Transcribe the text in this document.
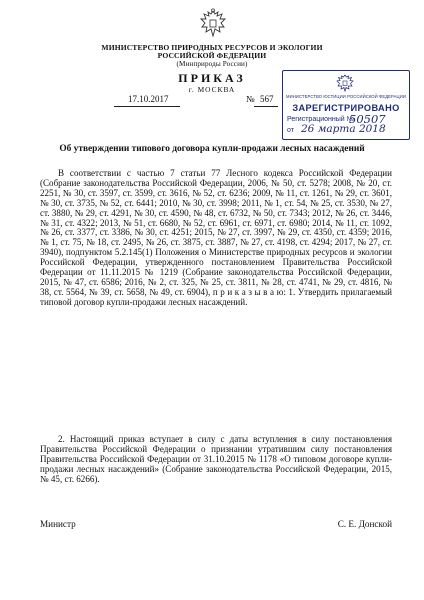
МИНИСТЕРСТВО ПРИРОДНЫХ РЕСУРСОВ И ЭКОЛОГИИ
РОССИЙСКОЙ ФЕДЕРАЦИИ
(Минприроды России)
ПРИКАЗ
г. МОСКВА
17.10.2017	№ 567	МИНИСТЕРСТВО ЮСТИЦИИ РОССИЙСКОЙ ФЕДЕРАЦИИ
ЗАРЕГИСТРИРОВАНО
Регистрационный №
50507
от 26 марта 2018
Об утверждении типового договора купли-продажи лесных насаждений

В соответствии с частью 7 статьи 77 Лесного кодекса Российской Федерации (Собрание законодательства Российской Федерации, 2006, № 50, ст. 5278; 2008, № 20, ст. 2251, № 30, ст. 3597, ст. 3599, ст. 3616, № 52, ст. 6236; 2009, № 11, ст. 1261, № 29, ст. 3601, № 30, ст. 3735, № 52, ст. 6441; 2010, № 30, ст. 3998; 2011, № 1, ст. 54, № 25, ст. 3530, № 27, ст. 3880, № 29, ст. 4291, № 30, ст. 4590, № 48, ст. 6732, № 50, ст. 7343; 2012, № 26, ст. 3446, № 31, ст. 4322; 2013, № 51, ст. 6680, № 52, ст. 6961, ст. 6971, ст. 6980; 2014, № 11, ст. 1092, № 26, ст. 3377, ст. 3386, № 30, ст. 4251; 2015, № 27, ст. 3997, № 29, ст. 4350, ст. 4359; 2016, № 1, ст. 75, № 18, ст. 2495, № 26, ст. 3875, ст. 3887, № 27, ст. 4198, ст. 4294; 2017, № 27, ст. 3940), подпунктом 5.2.145(1) Положения о Министерстве природных ресурсов и экологии Российской Федерации, утвержденного постановлением Правительства Российской Федерации от 11.11.2015 № 1219 (Собрание законодательства Российской Федерации, 2015, № 47, ст. 6586; 2016, № 2, ст. 325, № 25, ст. 3811, № 28, ст. 4741, № 29, ст. 4816, № 38, ст. 5564, № 39, ст. 5658, № 49, ст. 6904), п р и к а з ы в а ю: 1. Утвердить прилагаемый типовой договор купли-продажи лесных насаждений.

2. Настоящий приказ вступает в силу с даты вступления в силу постановления Правительства Российской Федерации о признании утратившим силу постановления Правительства Российской Федерации от 31.10.2015 № 1178 «О типовом договоре купли-продажи лесных насаждений» (Собрание законодательства Российской Федерации, 2015, № 45, ст. 6266).

Министр	С. Е. Донской
